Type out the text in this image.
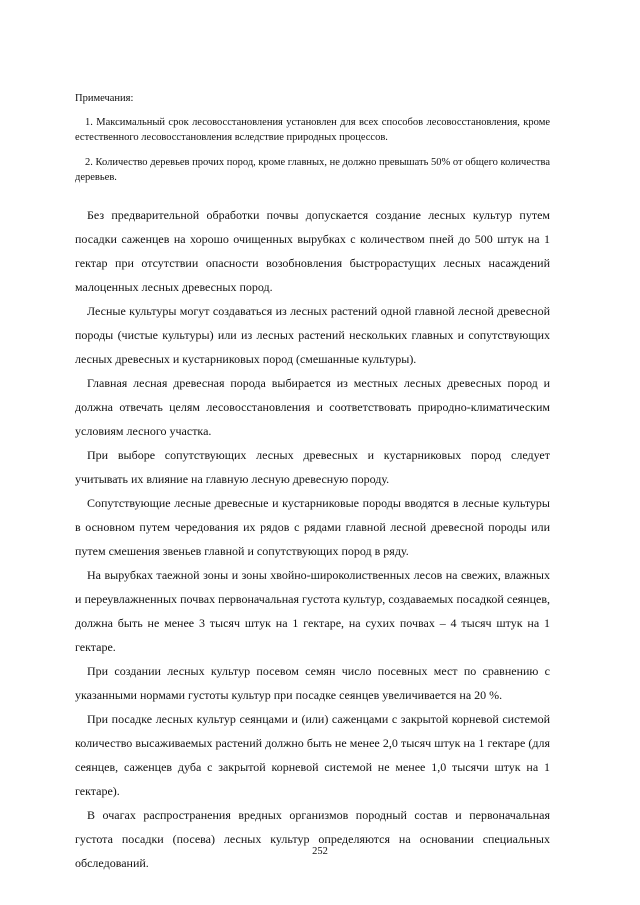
Примечания:
1. Максимальный срок лесовосстановления установлен для всех способов лесовосстановления, кроме естественного лесовосстановления вследствие природных процессов.
2. Количество деревьев прочих пород, кроме главных, не должно превышать 50% от общего количества деревьев.

Без предварительной обработки почвы допускается создание лесных культур путем посадки саженцев на хорошо очищенных вырубках с количеством пней до 500 штук на 1 гектар при отсутствии опасности возобновления быстрорастущих лесных насаждений малоценных лесных древесных пород.

Лесные культуры могут создаваться из лесных растений одной главной лесной древесной породы (чистые культуры) или из лесных растений нескольких главных и сопутствующих лесных древесных и кустарниковых пород (смешанные культуры).

Главная лесная древесная порода выбирается из местных лесных древесных пород и должна отвечать целям лесовосстановления и соответствовать природно-климатическим условиям лесного участка.

При выборе сопутствующих лесных древесных и кустарниковых пород следует учитывать их влияние на главную лесную древесную породу.

Сопутствующие лесные древесные и кустарниковые породы вводятся в лесные культуры в основном путем чередования их рядов с рядами главной лесной древесной породы или путем смешения звеньев главной и сопутствующих пород в ряду.

На вырубках таежной зоны и зоны хвойно-широколиственных лесов на свежих, влажных и переувлажненных почвах первоначальная густота культур, создаваемых посадкой сеянцев, должна быть не менее 3 тысяч штук на 1 гектаре, на сухих почвах – 4 тысяч штук на 1 гектаре.

При создании лесных культур посевом семян число посевных мест по сравнению с указанными нормами густоты культур при посадке сеянцев увеличивается на 20 %.

При посадке лесных культур сеянцами и (или) саженцами с закрытой корневой системой количество высаживаемых растений должно быть не менее 2,0 тысяч штук на 1 гектаре (для сеянцев, саженцев дуба с закрытой корневой системой не менее 1,0 тысячи штук на 1 гектаре).

В очагах распространения вредных организмов породный состав и первоначальная густота посадки (посева) лесных культур определяются на основании специальных обследований.

252
